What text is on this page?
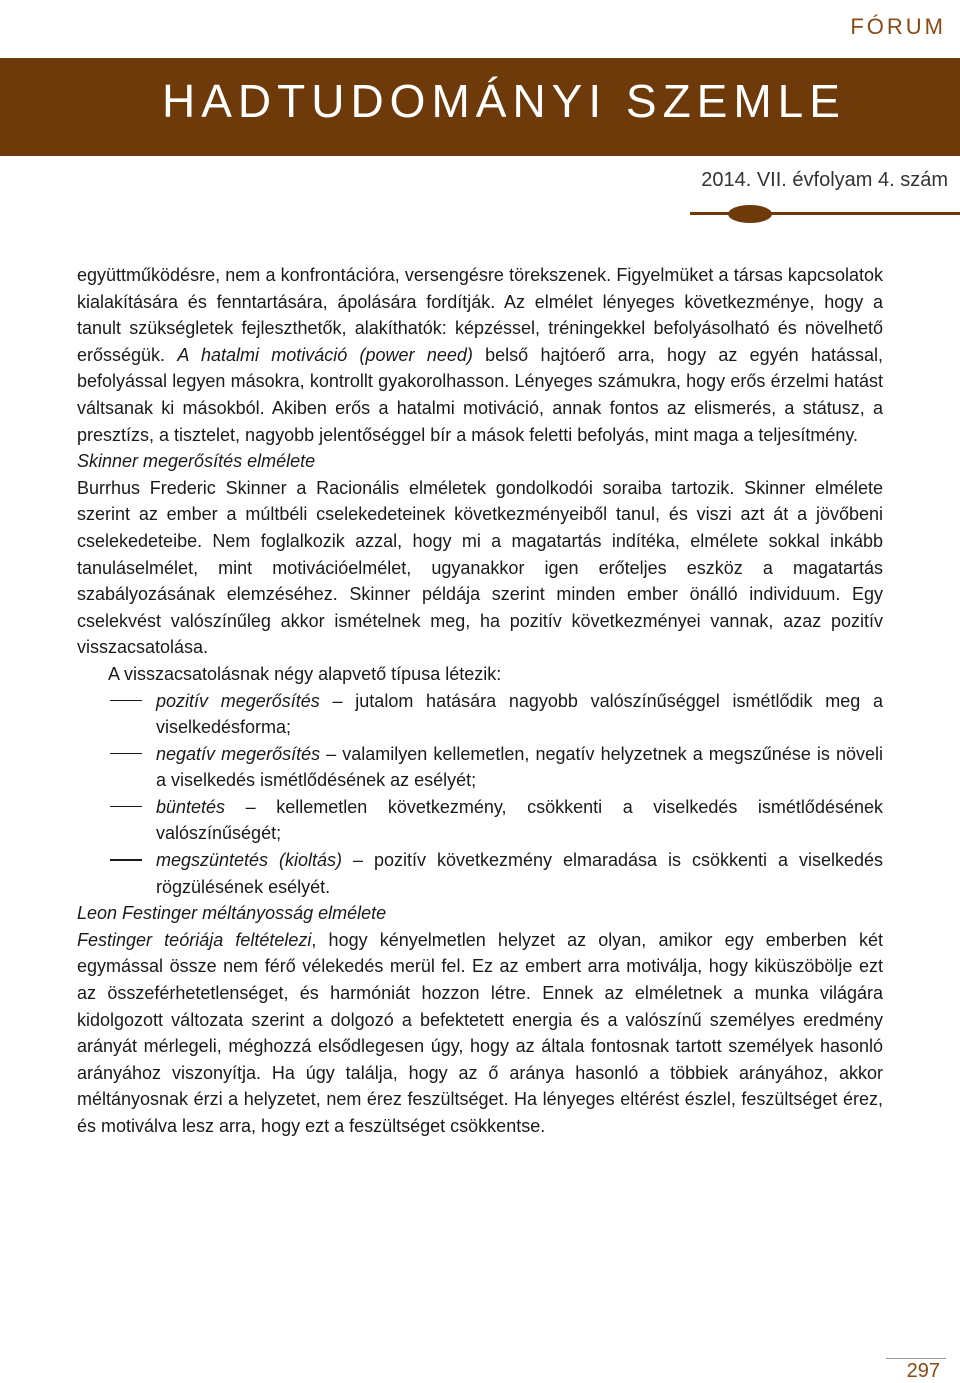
FÓRUM
HADTUDOMÁNYI SZEMLE
2014. VII. évfolyam 4. szám

együttműködésre, nem a konfrontációra, versengésre törekszenek. Figyelmüket a társas kapcsolatok kialakítására és fenntartására, ápolására fordítják. Az elmélet lényeges következménye, hogy a tanult szükségletek fejleszthetők, alakíthatók: képzéssel, tréningekkel befolyásolható és növelhető erősségük. A hatalmi motiváció (power need) belső hajtóerő arra, hogy az egyén hatással, befolyással legyen másokra, kontrollt gyakorolhasson. Lényeges számukra, hogy erős érzelmi hatást váltsanak ki másokból. Akiben erős a hatalmi motiváció, annak fontos az elismerés, a státusz, a presztízs, a tisztelet, nagyobb jelentőséggel bír a mások feletti befolyás, mint maga a teljesítmény.

Skinner megerősítés elmélete

Burrhus Frederic Skinner a Racionális elméletek gondolkodói soraiba tartozik. Skinner elmélete szerint az ember a múltbéli cselekedeteinek következményeiből tanul, és viszi azt át a jövőbeni cselekedeteibe. Nem foglalkozik azzal, hogy mi a magatartás indítéka, elmélete sokkal inkább tanuláselmélet, mint motivációelmélet, ugyanakkor igen erőteljes eszköz a magatartás szabályozásának elemzéséhez. Skinner példája szerint minden ember önálló individuum. Egy cselekvést valószínűleg akkor ismételnek meg, ha pozitív következményei vannak, azaz pozitív visszacsatolása.

A visszacsatolásnak négy alapvető típusa létezik:

pozitív megerősítés – jutalom hatására nagyobb valószínűséggel ismétlődik meg a viselkedésforma;
negatív megerősítés – valamilyen kellemetlen, negatív helyzetnek a megszűnése is növeli a viselkedés ismétlődésének az esélyét;
büntetés – kellemetlen következmény, csökkenti a viselkedés ismétlődésének valószínűségét;
megszüntetés (kioltás) – pozitív következmény elmaradása is csökkenti a viselkedés rögzülésének esélyét.

Leon Festinger méltányosság elmélete

Festinger teóriája feltételezi, hogy kényelmetlen helyzet az olyan, amikor egy emberben két egymással össze nem férő vélekedés merül fel. Ez az embert arra motiválja, hogy kiküszöbölje ezt az összeférhetetlenséget, és harmóniát hozzon létre. Ennek az elméletnek a munka világára kidolgozott változata szerint a dolgozó a befektetett energia és a valószínű személyes eredmény arányát mérlegeli, méghozzá elsődlegesen úgy, hogy az általa fontosnak tartott személyek hasonló arányához viszonyítja. Ha úgy találja, hogy az ő aránya hasonló a többiek arányához, akkor méltányosnak érzi a helyzetet, nem érez feszültséget. Ha lényeges eltérést észlel, feszültséget érez, és motiválva lesz arra, hogy ezt a feszültséget csökkentse.

297
